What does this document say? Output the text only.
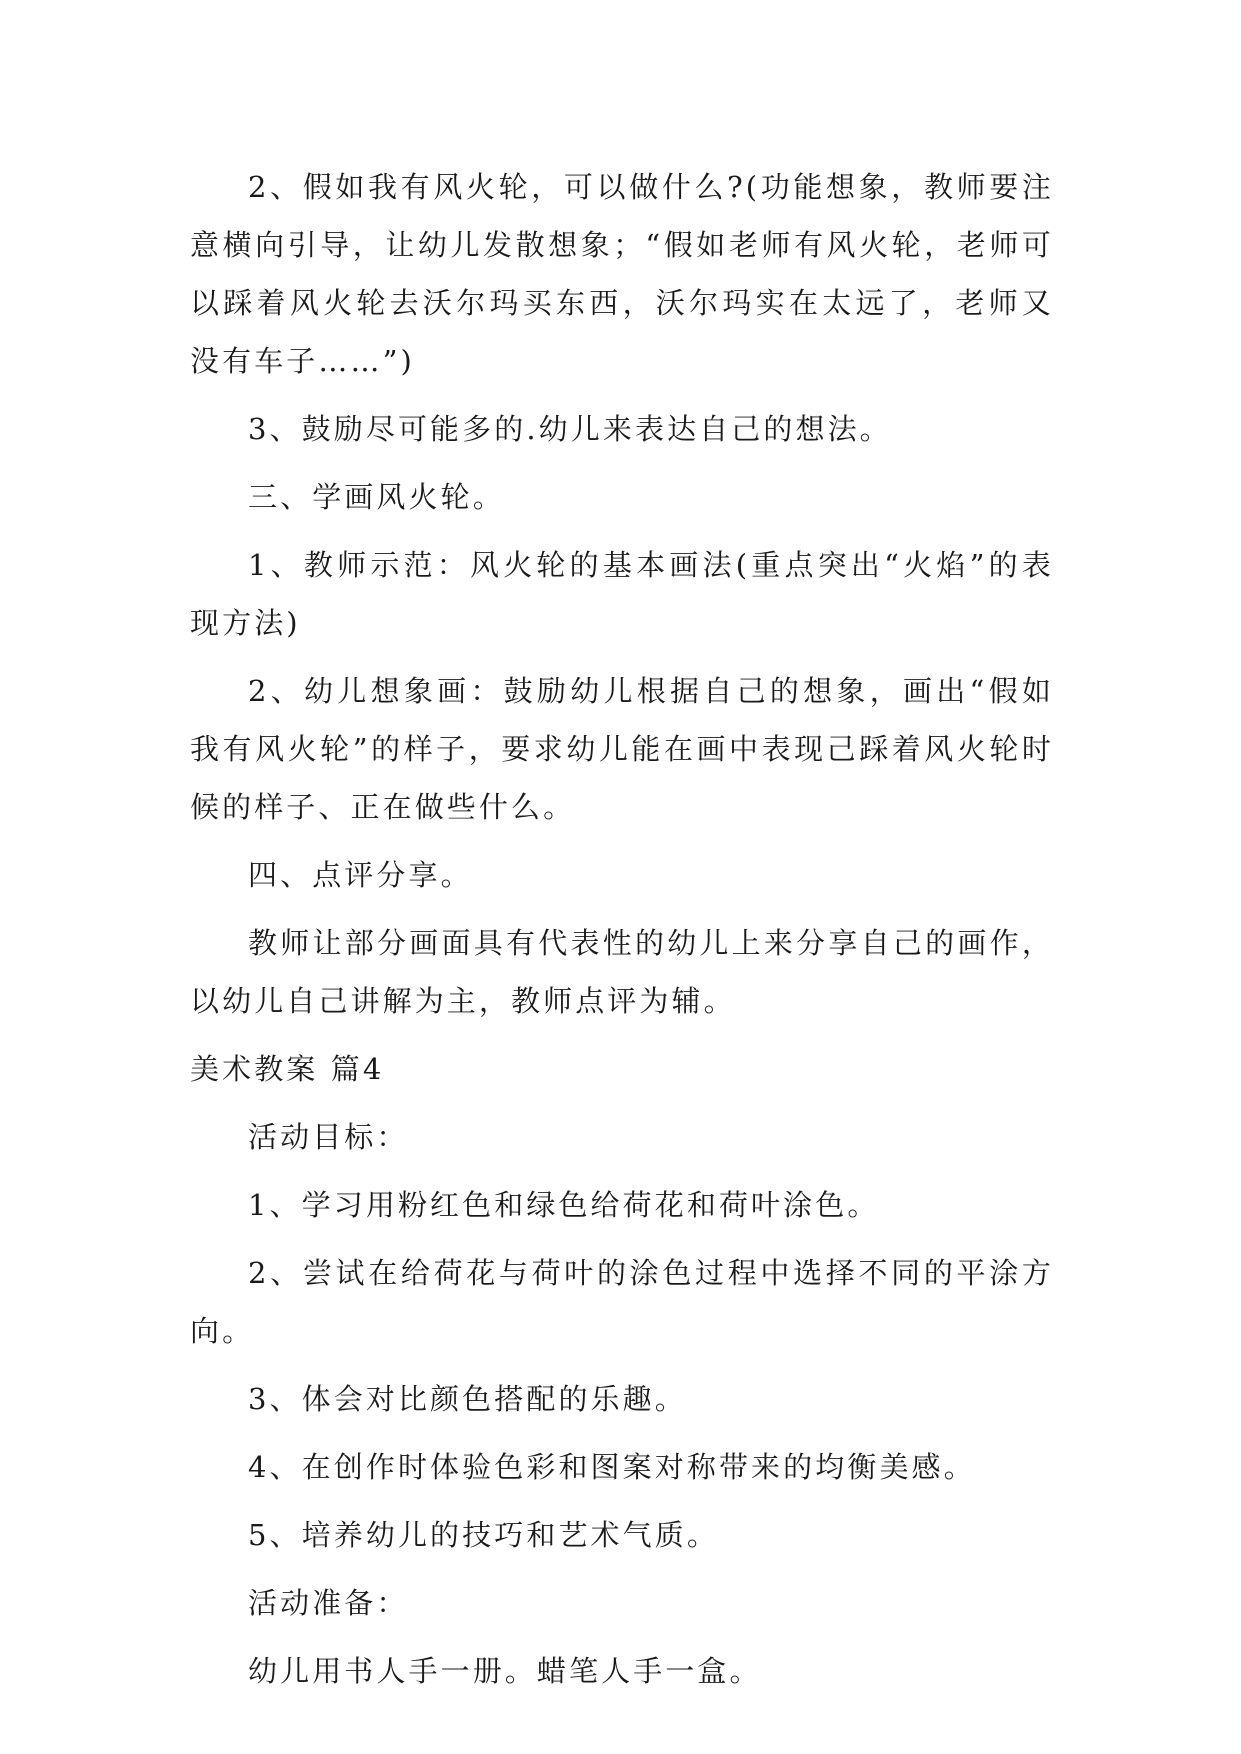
2、假如我有风火轮，可以做什么?(功能想象，教师要注意横向引导，让幼儿发散想象；“假如老师有风火轮，老师可以踩着风火轮去沃尔玛买东西，沃尔玛实在太远了，老师又没有车子……”)

3、鼓励尽可能多的.幼儿来表达自己的想法。

三、学画风火轮。

1、教师示范：风火轮的基本画法(重点突出“火焰”的表现方法)

2、幼儿想象画：鼓励幼儿根据自己的想象，画出“假如我有风火轮”的样子，要求幼儿能在画中表现己踩着风火轮时候的样子、正在做些什么。

四、点评分享。

教师让部分画面具有代表性的幼儿上来分享自己的画作，以幼儿自己讲解为主，教师点评为辅。

美术教案 篇4

活动目标：

1、学习用粉红色和绿色给荷花和荷叶涂色。

2、尝试在给荷花与荷叶的涂色过程中选择不同的平涂方向。

3、体会对比颜色搭配的乐趣。

4、在创作时体验色彩和图案对称带来的均衡美感。

5、培养幼儿的技巧和艺术气质。

活动准备：

幼儿用书人手一册。蜡笔人手一盒。
